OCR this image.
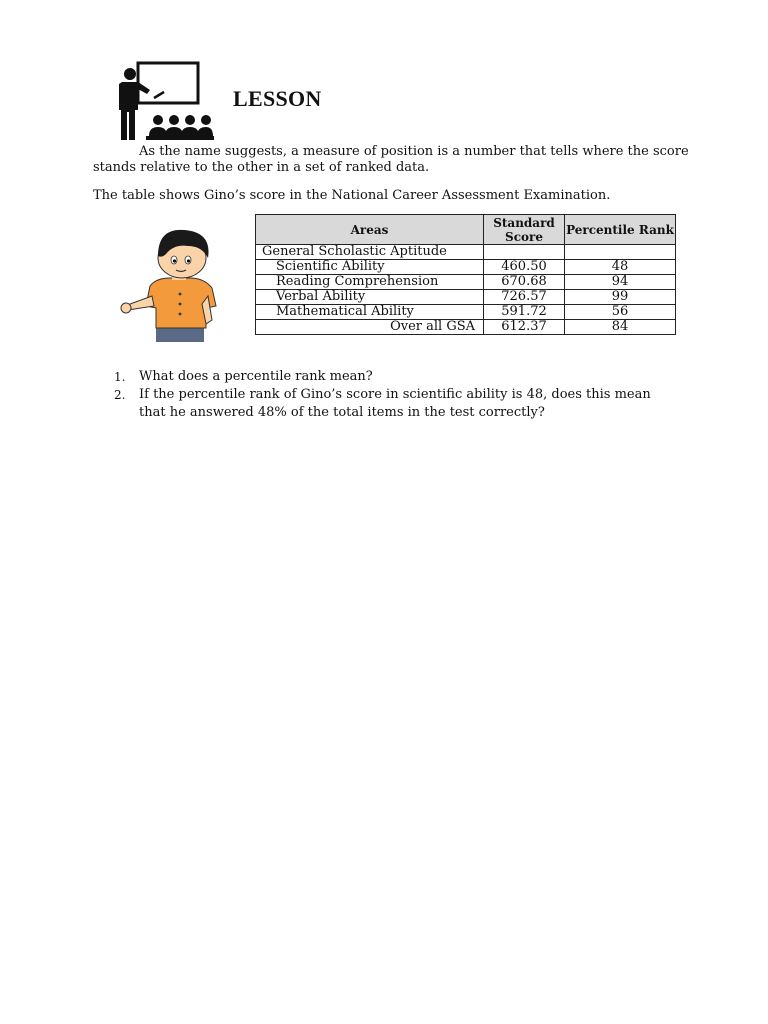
LESSON

As the name suggests, a measure of position is a number that tells where the score stands relative to the other in a set of ranked data.

The table shows Gino’s score in the National Career Assessment Examination.

Areas	Standard Score	Percentile Rank
General Scholastic Aptitude		
Scientific Ability	460.50	48
Reading Comprehension	670.68	94
Verbal Ability	726.57	99
Mathematical Ability	591.72	56
Over all GSA	612.37	84
1. What does a percentile rank mean?
2. If the percentile rank of Gino’s score in scientific ability is 48, does this mean that he answered 48% of the total items in the test correctly?
